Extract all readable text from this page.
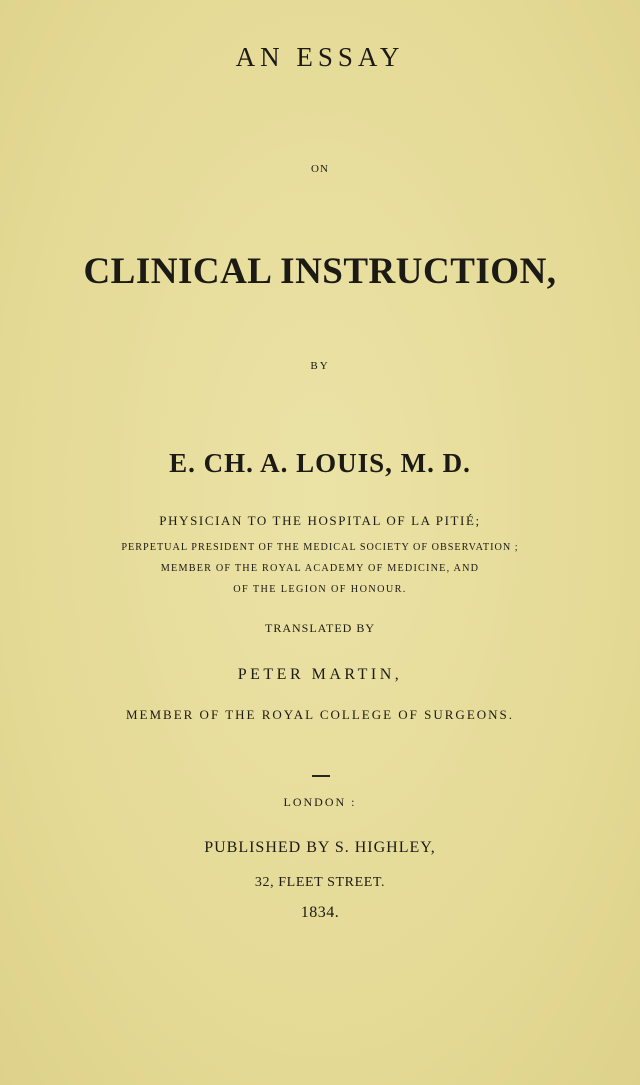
AN ESSAY
ON
CLINICAL INSTRUCTION,
BY
E. CH. A. LOUIS, M. D.
PHYSICIAN TO THE HOSPITAL OF LA PITIÉ;
PERPETUAL PRESIDENT OF THE MEDICAL SOCIETY OF OBSERVATION ;
MEMBER OF THE ROYAL ACADEMY OF MEDICINE, AND
OF THE LEGION OF HONOUR.
TRANSLATED BY
PETER MARTIN,
MEMBER OF THE ROYAL COLLEGE OF SURGEONS.
LONDON :
PUBLISHED BY S. HIGHLEY,
32, FLEET STREET.
1834.
